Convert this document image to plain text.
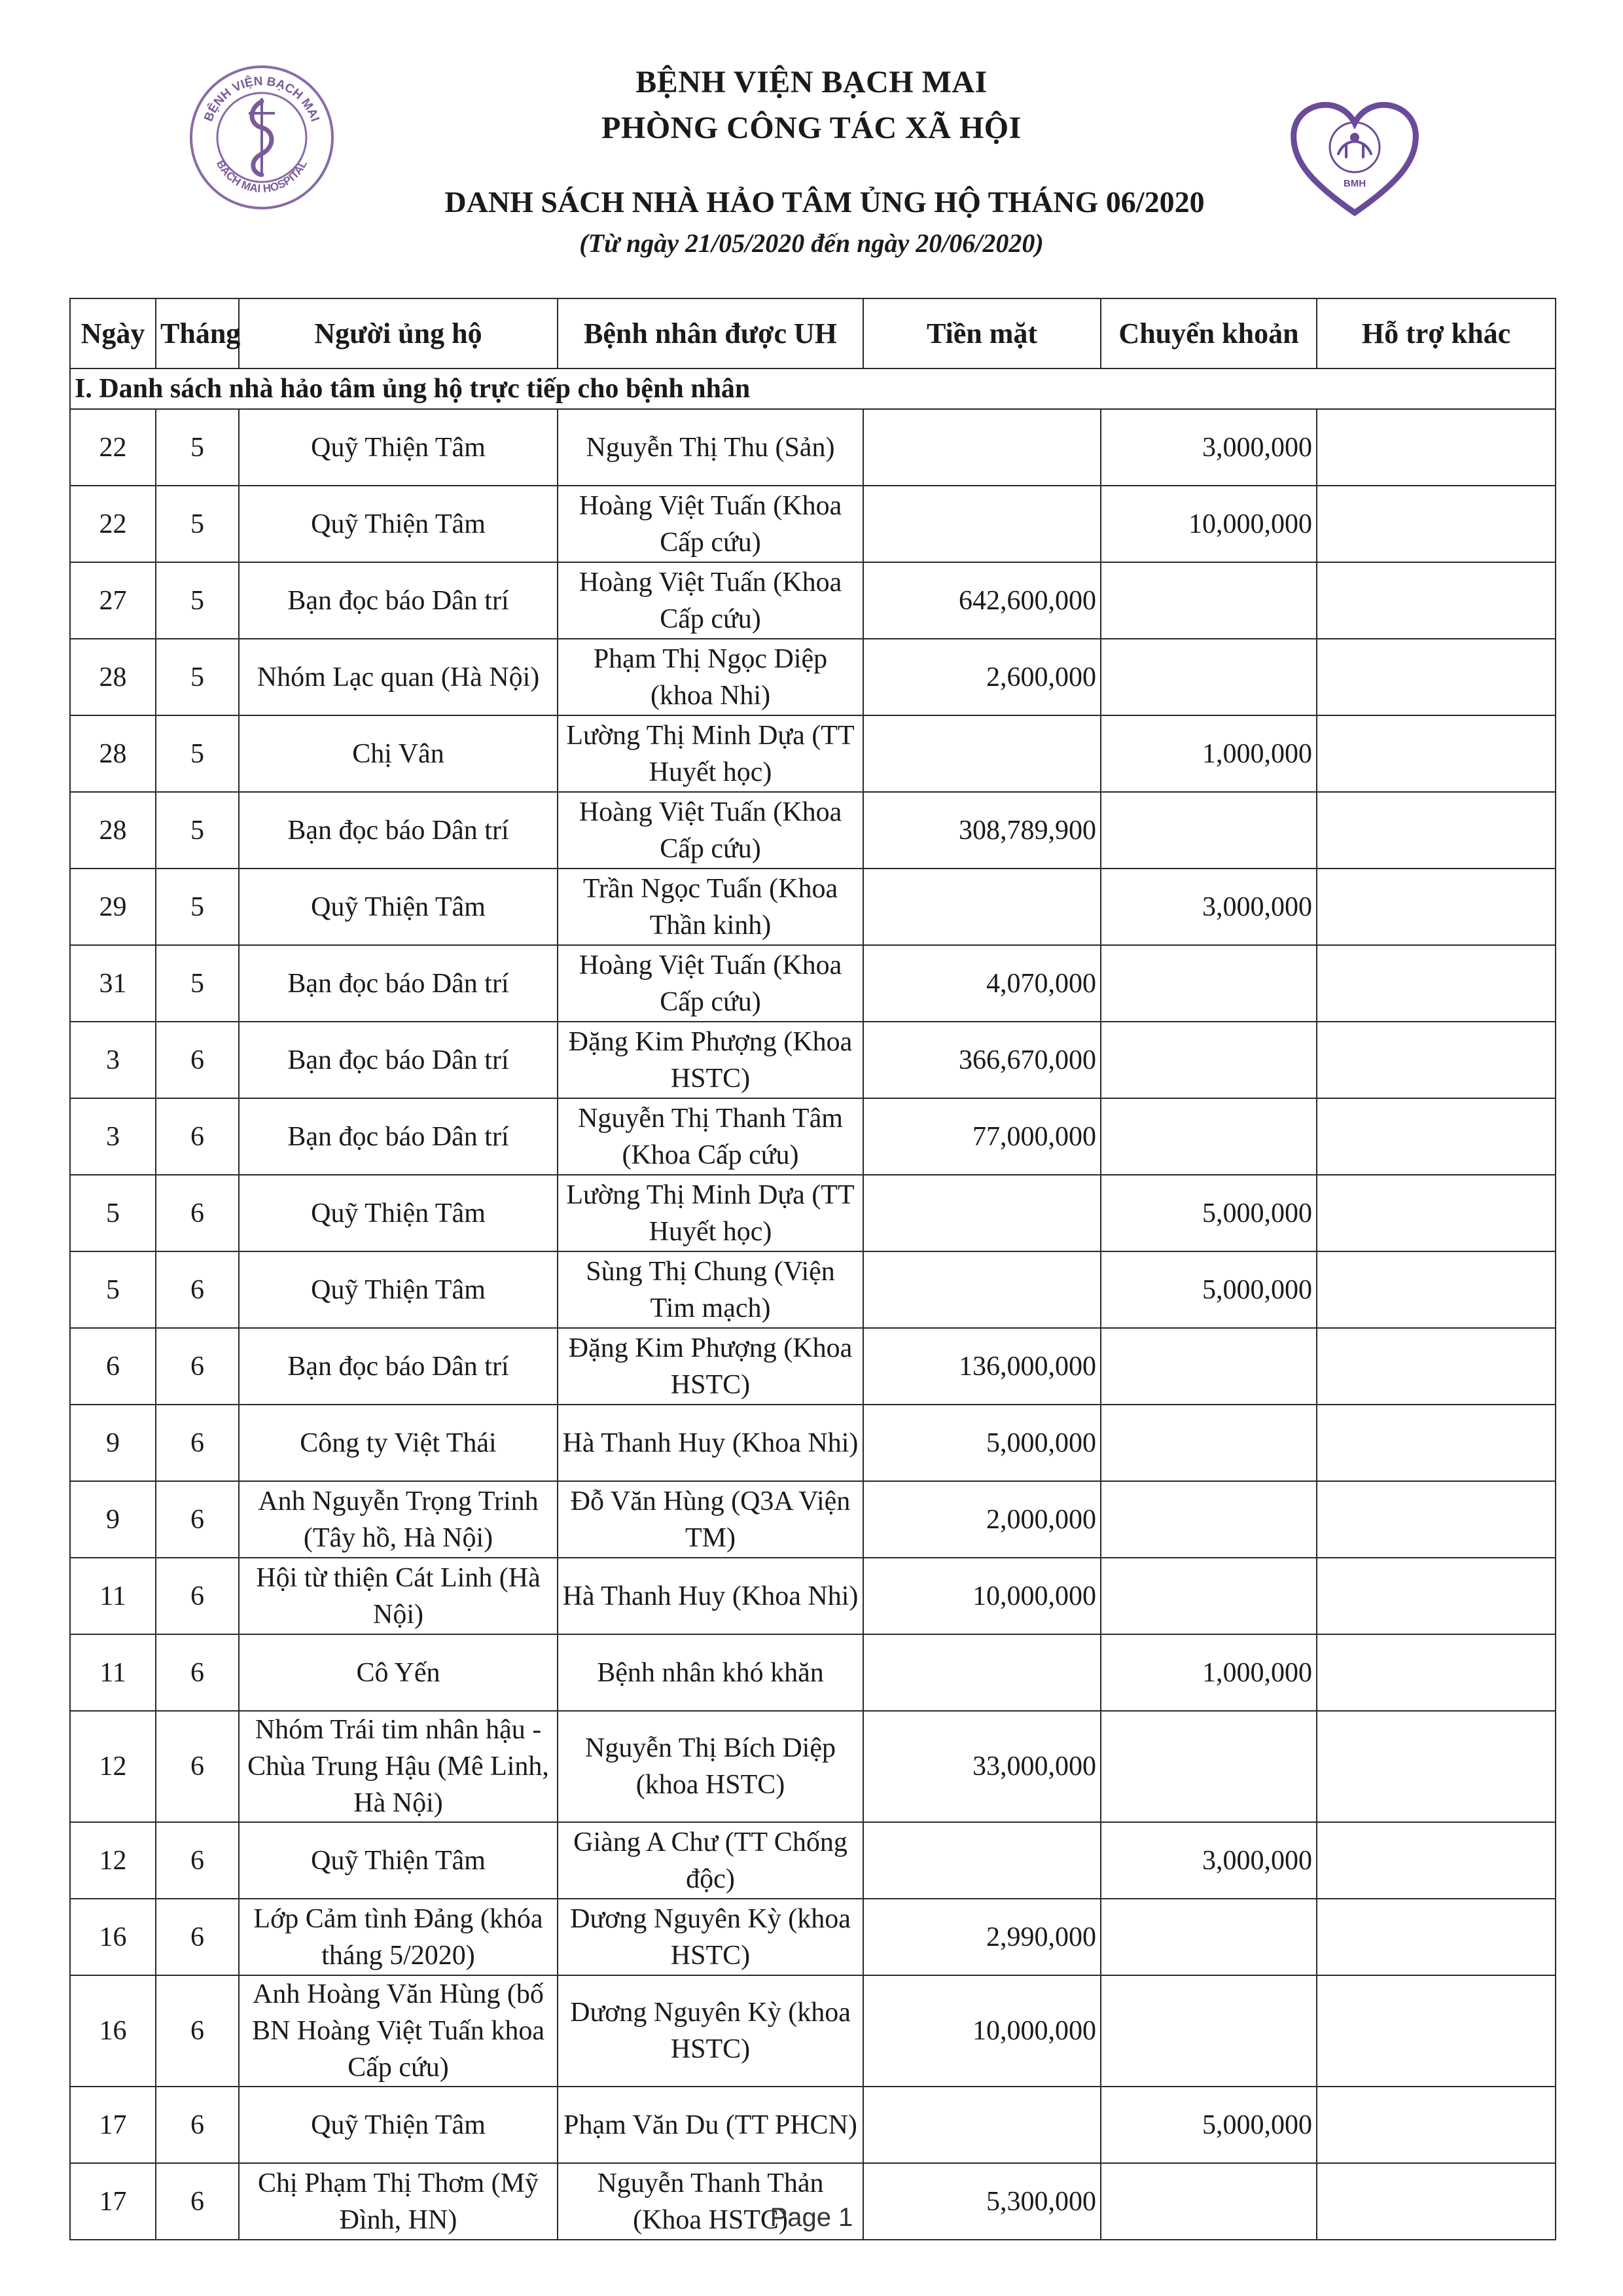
BỆNH VIỆN BẠCH MAI
BACH MAI HOSPITAL
BMH
BỆNH VIỆN BẠCH MAI
PHÒNG CÔNG TÁC XÃ HỘI
DANH SÁCH NHÀ HẢO TÂM ỦNG HỘ THÁNG 06/2020
(Từ ngày 21/05/2020 đến ngày 20/06/2020)
Ngày	Tháng	Người ủng hộ	Bệnh nhân được UH	Tiền mặt	Chuyển khoản	Hỗ trợ khác
I. Danh sách nhà hảo tâm ủng hộ trực tiếp cho bệnh nhân						
22	5	Quỹ Thiện Tâm	Nguyễn Thị Thu (Sản)		3,000,000	
22	5	Quỹ Thiện Tâm	Hoàng Việt Tuấn (Khoa Cấp cứu)		10,000,000	
27	5	Bạn đọc báo Dân trí	Hoàng Việt Tuấn (Khoa Cấp cứu)	642,600,000		
28	5	Nhóm Lạc quan (Hà Nội)	Phạm Thị Ngọc Diệp (khoa Nhi)	2,600,000		
28	5	Chị Vân	Lường Thị Minh Dựa (TT Huyết học)		1,000,000	
28	5	Bạn đọc báo Dân trí	Hoàng Việt Tuấn (Khoa Cấp cứu)	308,789,900		
29	5	Quỹ Thiện Tâm	Trần Ngọc Tuấn (Khoa Thần kinh)		3,000,000	
31	5	Bạn đọc báo Dân trí	Hoàng Việt Tuấn (Khoa Cấp cứu)	4,070,000		
3	6	Bạn đọc báo Dân trí	Đặng Kim Phượng (Khoa HSTC)	366,670,000		
3	6	Bạn đọc báo Dân trí	Nguyễn Thị Thanh Tâm (Khoa Cấp cứu)	77,000,000		
5	6	Quỹ Thiện Tâm	Lường Thị Minh Dựa (TT Huyết học)		5,000,000	
5	6	Quỹ Thiện Tâm	Sùng Thị Chung (Viện Tim mạch)		5,000,000	
6	6	Bạn đọc báo Dân trí	Đặng Kim Phượng (Khoa HSTC)	136,000,000		
9	6	Công ty Việt Thái	Hà Thanh Huy (Khoa Nhi)	5,000,000		
9	6	Anh Nguyễn Trọng Trinh (Tây hồ, Hà Nội)	Đỗ Văn Hùng (Q3A Viện TM)	2,000,000		
11	6	Hội từ thiện Cát Linh (Hà Nội)	Hà Thanh Huy (Khoa Nhi)	10,000,000		
11	6	Cô Yến	Bệnh nhân khó khăn		1,000,000	
12	6	Nhóm Trái tim nhân hậu - Chùa Trung Hậu (Mê Linh, Hà Nội)	Nguyễn Thị Bích Diệp (khoa HSTC)	33,000,000		
12	6	Quỹ Thiện Tâm	Giàng A Chư (TT Chống độc)		3,000,000	
16	6	Lớp Cảm tình Đảng (khóa tháng 5/2020)	Dương Nguyên Kỳ (khoa HSTC)	2,990,000		
16	6	Anh Hoàng Văn Hùng (bố BN Hoàng Việt Tuấn khoa Cấp cứu)	Dương Nguyên Kỳ (khoa HSTC)	10,000,000		
17	6	Quỹ Thiện Tâm	Phạm Văn Du (TT PHCN)		5,000,000	
17	6	Chị Phạm Thị Thơm (Mỹ Đình, HN)	Nguyễn Thanh Thản (Khoa HSTC)	5,300,000		
Page 1
